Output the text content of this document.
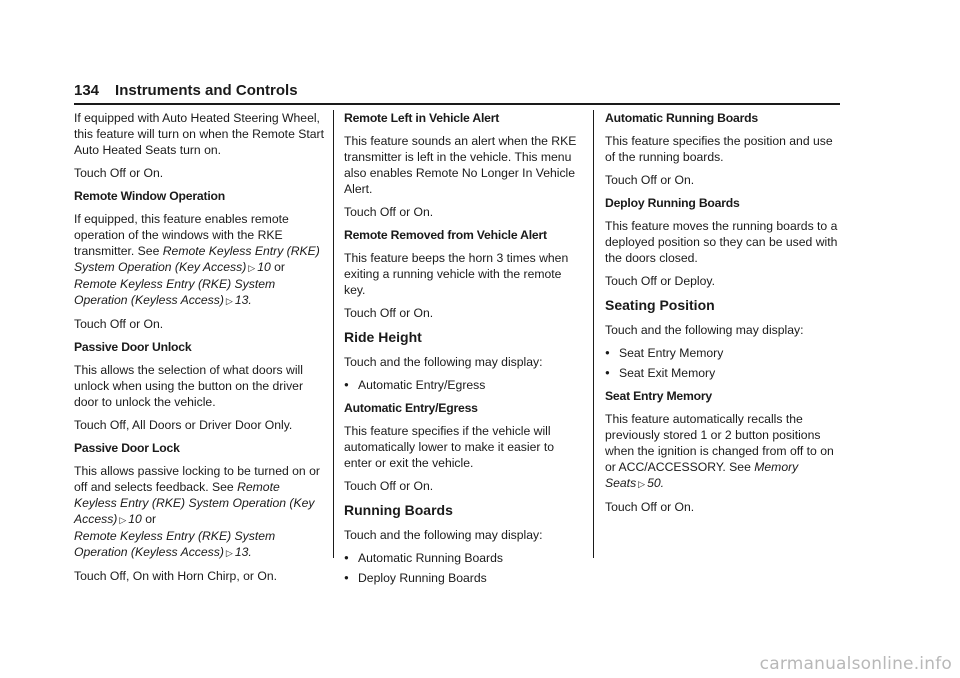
134 Instruments and Controls

If equipped with Auto Heated Steering Wheel, this feature will turn on when the Remote Start Auto Heated Seats turn on.

Touch Off or On.

Remote Window Operation

If equipped, this feature enables remote operation of the windows with the RKE transmitter. See Remote Keyless Entry (RKE) System Operation (Key Access) ▷ 10 or
Remote Keyless Entry (RKE) System Operation (Keyless Access) ▷ 13.

Touch Off or On.

Passive Door Unlock

This allows the selection of what doors will unlock when using the button on the driver door to unlock the vehicle.

Touch Off, All Doors or Driver Door Only.

Passive Door Lock

This allows passive locking to be turned on or off and selects feedback. See Remote Keyless Entry (RKE) System Operation (Key Access) ▷ 10 or
Remote Keyless Entry (RKE) System Operation (Keyless Access) ▷ 13.

Touch Off, On with Horn Chirp, or On.

Remote Left in Vehicle Alert

This feature sounds an alert when the RKE transmitter is left in the vehicle. This menu also enables Remote No Longer In Vehicle Alert.

Touch Off or On.

Remote Removed from Vehicle Alert

This feature beeps the horn 3 times when exiting a running vehicle with the remote key.

Touch Off or On.

Ride Height

Touch and the following may display:

● Automatic Entry/Egress

Automatic Entry/Egress

This feature specifies if the vehicle will automatically lower to make it easier to enter or exit the vehicle.

Touch Off or On.

Running Boards

Touch and the following may display:

● Automatic Running Boards
● Deploy Running Boards

Automatic Running Boards

This feature specifies the position and use of the running boards.

Touch Off or On.

Deploy Running Boards

This feature moves the running boards to a deployed position so they can be used with the doors closed.

Touch Off or Deploy.

Seating Position

Touch and the following may display:

● Seat Entry Memory
● Seat Exit Memory

Seat Entry Memory

This feature automatically recalls the previously stored 1 or 2 button positions when the ignition is changed from off to on or ACC/ACCESSORY. See Memory Seats ▷ 50.

Touch Off or On.

carmanualsonline.info
